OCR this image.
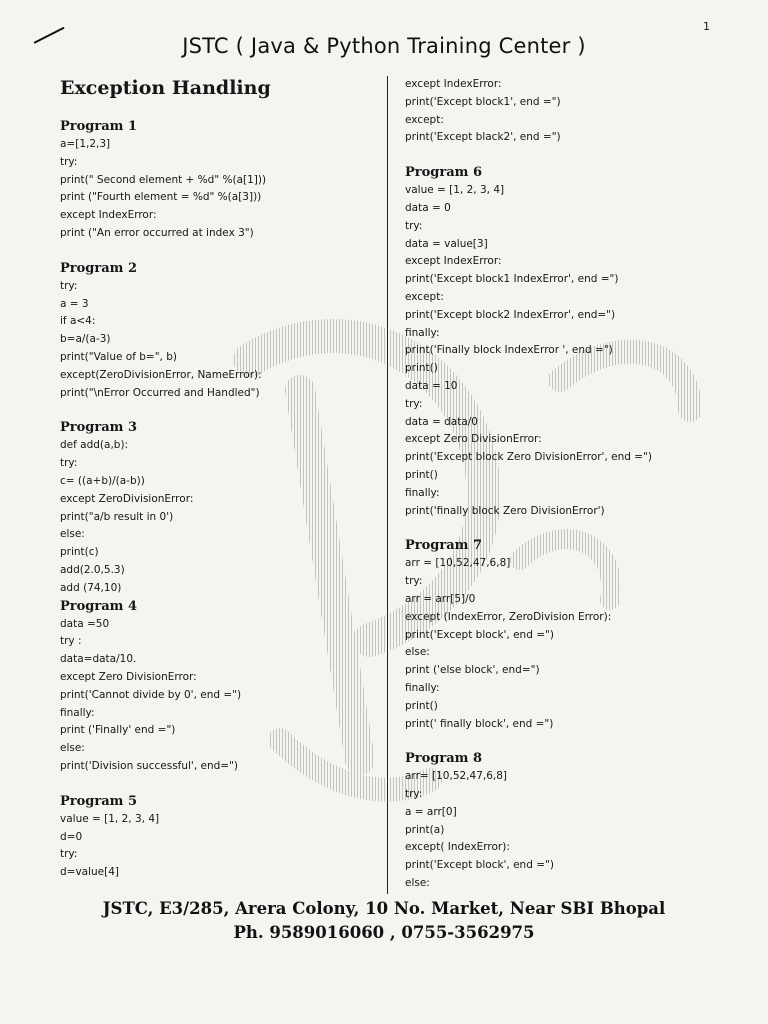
1
JSTC ( Java & Python Training Center )
Exception Handling
Program 1
a=[1,2,3]
try:
print(" Second element + %d" %(a[1]))
print ("Fourth element = %d" %(a[3]))
except IndexError:
print ("An error occurred at index 3")
Program 2
try:
a = 3
if a<4:
b=a/(a-3)
print("Value of b=", b)
except(ZeroDivisionError, NameError):
print("\nError Occurred and Handled")
Program 3
def add(a,b):
try:
c= ((a+b)/(a-b))
except ZeroDivisionError:
print("a/b result in 0')
else:
print(c)
add(2.0,5.3)
add (74,10)
Program 4
data =50
try :
data=data/10.
except Zero DivisionError:
print('Cannot divide by 0', end =")
finally:
print ('Finally' end =")
else:
print('Division successful', end=")
Program 5
value = [1, 2, 3, 4]
d=0
try:
d=value[4]
except IndexError:
print('Except block1', end =")
except:
print('Except black2', end =")
Program 6
value = [1, 2, 3, 4]
data = 0
try:
data = value[3]
except IndexError:
print('Except block1 IndexError', end =")
except:
print('Except block2 IndexError', end=")
finally:
print('Finally block IndexError ', end =")
print()
data = 10
try:
data = data/0
except Zero DivisionError:
print('Except block Zero DivisionError', end =")
print()
finally:
print('finally block Zero DivisionError')
Program 7
arr = [10,52,47,6,8]
try:
arr = arr[5]/0
except (IndexError, ZeroDivision Error):
print('Except block', end =")
else:
print ('else block', end=")
finally:
print()
print(' finally block', end =")
Program 8
arr= [10,52,47,6,8]
try:
a = arr[0]
print(a)
except( IndexError):
print('Except block', end =")
else:
JSTC, E3/285, Arera Colony, 10 No. Market, Near SBI Bhopal
Ph. 9589016060 , 0755-3562975
